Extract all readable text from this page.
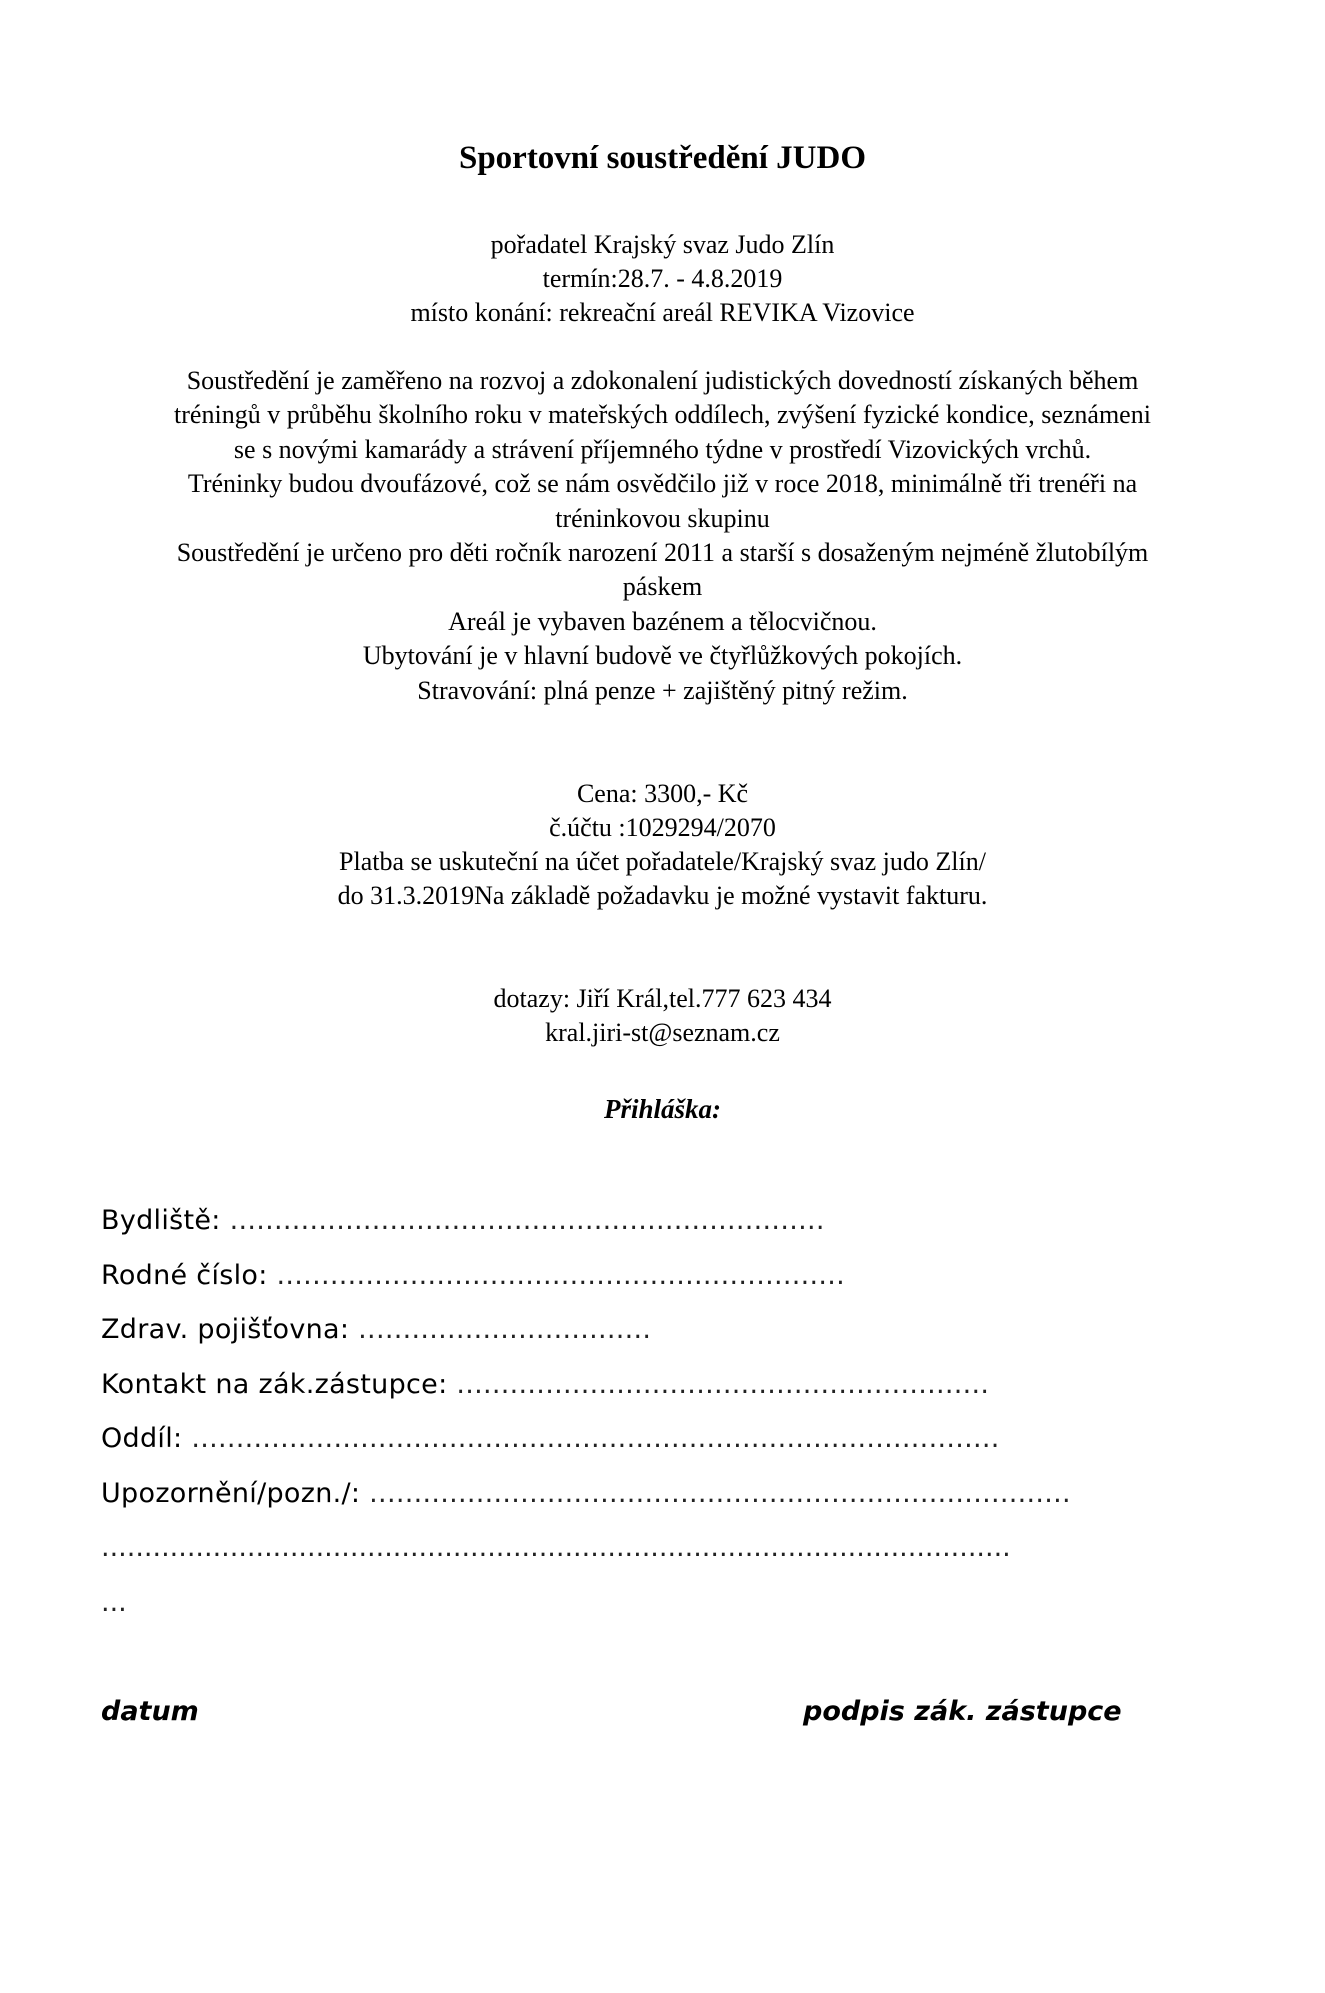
Sportovní soustředění JUDO
pořadatel Krajský svaz Judo Zlín
termín:28.7. - 4.8.2019
místo konání: rekreační areál REVIKA Vizovice
Soustředění je zaměřeno na rozvoj a zdokonalení judistických dovedností získaných během
tréningů v průběhu školního roku v mateřských oddílech, zvýšení fyzické kondice, seznámeni
se s novými kamarády a strávení příjemného týdne v prostředí Vizovických vrchů.
Tréninky budou dvoufázové, což se nám osvědčilo již v roce 2018, minimálně tři trenéři na
tréninkovou skupinu
Soustředění je určeno pro děti ročník narození 2011 a starší s dosaženým nejméně žlutobílým
páskem
Areál je vybaven bazénem a tělocvičnou.
Ubytování je v hlavní budově ve čtyřlůžkových pokojích.
Stravování: plná penze + zajištěný pitný režim.
Cena: 3300,- Kč
č.účtu :1029294/2070
Platba se uskuteční na účet pořadatele/Krajský svaz judo Zlín/
do 31.3.2019Na základě požadavku je možné vystavit fakturu.
dotazy: Jiří Král,tel.777 623 434
kral.jiri-st@seznam.cz
Přihláška:
Bydliště: ...................................................................
Rodné číslo: ................................................................
Zdrav. pojišťovna: .................................
Kontakt na zák.zástupce: ............................................................
Oddíl: ...........................................................................................
Upozornění/pozn./: ...............................................................................
..........................................................................................................
...
datum	podpis zák. zástupce
